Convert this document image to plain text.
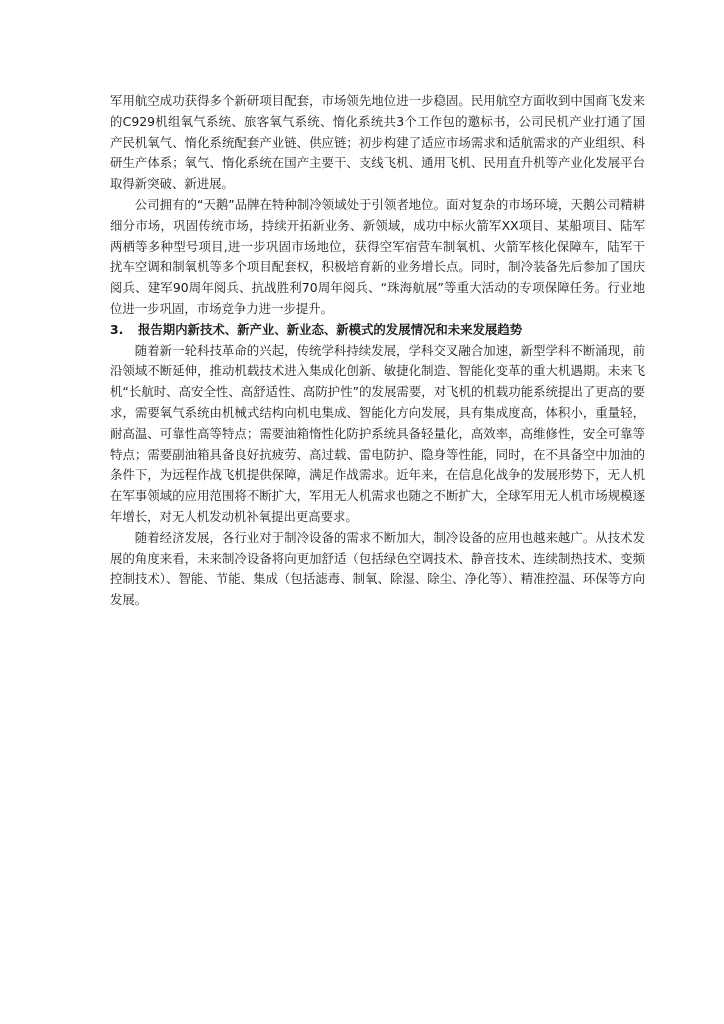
军用航空成功获得多个新研项目配套，市场领先地位进一步稳固。民用航空方面收到中国商飞发来的C929机组氧气系统、旅客氧气系统、惰化系统共3个工作包的邀标书，公司民机产业打通了国产民机氧气、惰化系统配套产业链、供应链；初步构建了适应市场需求和适航需求的产业组织、科研生产体系；氧气、惰化系统在国产主要干、支线飞机、通用飞机、民用直升机等产业化发展平台取得新突破、新进展。

公司拥有的“天鹅”品牌在特种制冷领域处于引领者地位。面对复杂的市场环境，天鹅公司精耕细分市场，巩固传统市场，持续开拓新业务、新领域，成功中标火箭军XX项目、某船项目、陆军两栖等多种型号项目,进一步巩固市场地位，获得空军宿营车制氧机、火箭军核化保障车，陆军干扰车空调和制氧机等多个项目配套权，积极培育新的业务增长点。同时，制冷装备先后参加了国庆阅兵、建军90周年阅兵、抗战胜利70周年阅兵、“珠海航展”等重大活动的专项保障任务。行业地位进一步巩固，市场竞争力进一步提升。

3.	报告期内新技术、新产业、新业态、新模式的发展情况和未来发展趋势

随着新一轮科技革命的兴起，传统学科持续发展，学科交叉融合加速，新型学科不断涌现，前沿领域不断延伸，推动机载技术进入集成化创新、敏捷化制造、智能化变革的重大机遇期。未来飞机“长航时、高安全性、高舒适性、高防护性”的发展需要，对飞机的机载功能系统提出了更高的要求，需要氧气系统由机械式结构向机电集成、智能化方向发展，具有集成度高，体积小，重量轻，耐高温、可靠性高等特点；需要油箱惰性化防护系统具备轻量化，高效率，高维修性，安全可靠等特点；需要副油箱具备良好抗疲劳、高过载、雷电防护、隐身等性能，同时，在不具备空中加油的条件下，为远程作战飞机提供保障，满足作战需求。近年来，在信息化战争的发展形势下，无人机在军事领域的应用范围将不断扩大，军用无人机需求也随之不断扩大，全球军用无人机市场规模逐年增长，对无人机发动机补氧提出更高要求。

随着经济发展，各行业对于制冷设备的需求不断加大，制冷设备的应用也越来越广。从技术发展的角度来看，未来制冷设备将向更加舒适（包括绿色空调技术、静音技术、连续制热技术、变频控制技术）、智能、节能、集成（包括滤毒、制氧、除湿、除尘、净化等）、精准控温、环保等方向发展。
